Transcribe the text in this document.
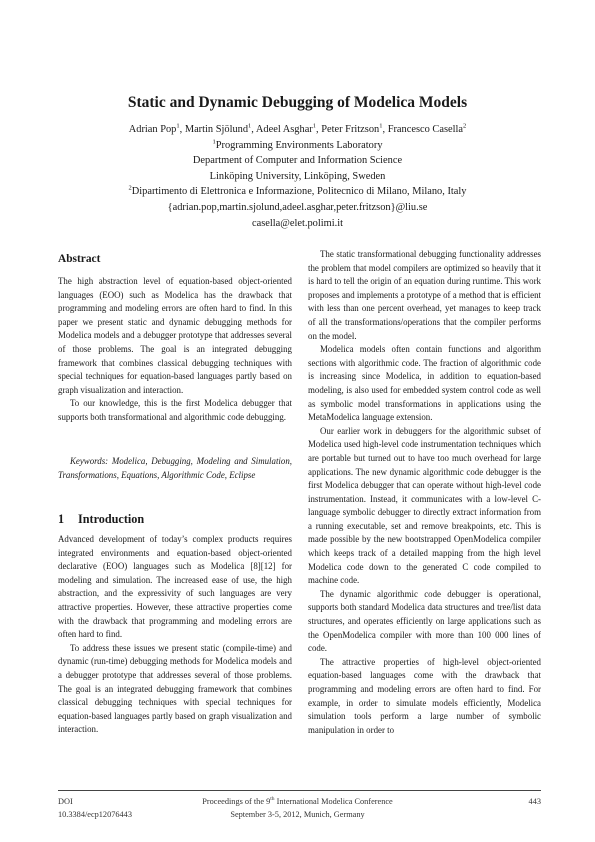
Static and Dynamic Debugging of Modelica Models
Adrian Pop$^1$, Martin Sjölund$^1$, Adeel Asghar$^1$, Peter Fritzson$^1$, Francesco Casella$^2$
$^1$Programming Environments Laboratory
Department of Computer and Information Science
Linköping University, Linköping, Sweden
$^2$Dipartimento di Elettronica e Informazione, Politecnico di Milano, Milano, Italy
{adrian.pop,martin.sjolund,adeel.asghar,peter.fritzson}@liu.se
casella@elet.polimi.it
Abstract

The high abstraction level of equation-based object-oriented languages (EOO) such as Modelica has the drawback that programming and modeling errors are often hard to find. In this paper we present static and dynamic debugging methods for Modelica models and a debugger prototype that addresses several of those problems. The goal is an integrated debugging framework that combines classical debugging techniques with special techniques for equation-based languages partly based on graph visualization and interaction.

To our knowledge, this is the first Modelica debugger that supports both transformational and algorithmic code debugging.

Keywords: Modelica, Debugging, Modeling and Simulation, Transformations, Equations, Algorithmic Code, Eclipse

1 Introduction

Advanced development of today’s complex products requires integrated environments and equation-based object-oriented declarative (EOO) languages such as Modelica [8][12] for modeling and simulation. The increased ease of use, the high abstraction, and the expressivity of such languages are very attractive properties. However, these attractive properties come with the drawback that programming and modeling errors are often hard to find.

To address these issues we present static (compile-time) and dynamic (run-time) debugging methods for Modelica models and a debugger prototype that addresses several of those problems. The goal is an integrated debugging framework that combines classical debugging techniques with special techniques for equation-based languages partly based on graph visualization and interaction.

The static transformational debugging functionality addresses the problem that model compilers are optimized so heavily that it is hard to tell the origin of an equation during runtime. This work proposes and implements a prototype of a method that is efficient with less than one percent overhead, yet manages to keep track of all the transformations/operations that the compiler performs on the model.

Modelica models often contain functions and algorithm sections with algorithmic code. The fraction of algorithmic code is increasing since Modelica, in addition to equation-based modeling, is also used for embedded system control code as well as symbolic model transformations in applications using the MetaModelica language extension.

Our earlier work in debuggers for the algorithmic subset of Modelica used high-level code instrumentation techniques which are portable but turned out to have too much overhead for large applications. The new dynamic algorithmic code debugger is the first Modelica debugger that can operate without high-level code instrumentation. Instead, it communicates with a low-level C-language symbolic debugger to directly extract information from a running executable, set and remove breakpoints, etc. This is made possible by the new bootstrapped OpenModelica compiler which keeps track of a detailed mapping from the high level Modelica code down to the generated C code compiled to machine code.

The dynamic algorithmic code debugger is operational, supports both standard Modelica data structures and tree/list data structures, and operates efficiently on large applications such as the OpenModelica compiler with more than 100 000 lines of code.

The attractive properties of high-level object-oriented equation-based languages come with the drawback that programming and modeling errors are often hard to find. For example, in order to simulate models efficiently, Modelica simulation tools perform a large number of symbolic manipulation in order to

DOI
10.3384/ecp12076443
Proceedings of the 9th International Modelica Conference
September 3-5, 2012, Munich, Germany
443
